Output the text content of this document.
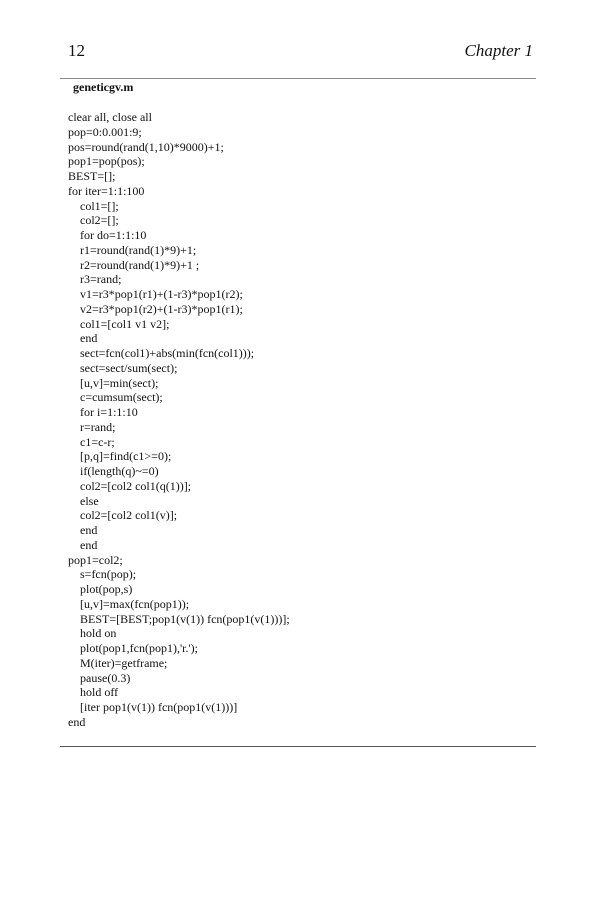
12	Chapter 1
geneticgv.m
clear all, close all
pop=0:0.001:9;
pos=round(rand(1,10)*9000)+1;
pop1=pop(pos);
BEST=[];
for iter=1:1:100
col1=[];
col2=[];
for do=1:1:10
r1=round(rand(1)*9)+1;
r2=round(rand(1)*9)+1 ;
r3=rand;
v1=r3*pop1(r1)+(1-r3)*pop1(r2);
v2=r3*pop1(r2)+(1-r3)*pop1(r1);
col1=[col1 v1 v2];
end
sect=fcn(col1)+abs(min(fcn(col1)));
sect=sect/sum(sect);
[u,v]=min(sect);
c=cumsum(sect);
for i=1:1:10
r=rand;
c1=c-r;
[p,q]=find(c1>=0);
if(length(q)~=0)
col2=[col2 col1(q(1))];
else
col2=[col2 col1(v)];
end
end
pop1=col2;
s=fcn(pop);
plot(pop,s)
[u,v]=max(fcn(pop1));
BEST=[BEST;pop1(v(1)) fcn(pop1(v(1)))];
hold on
plot(pop1,fcn(pop1),'r.');
M(iter)=getframe;
pause(0.3)
hold off
[iter pop1(v(1)) fcn(pop1(v(1)))]
end
